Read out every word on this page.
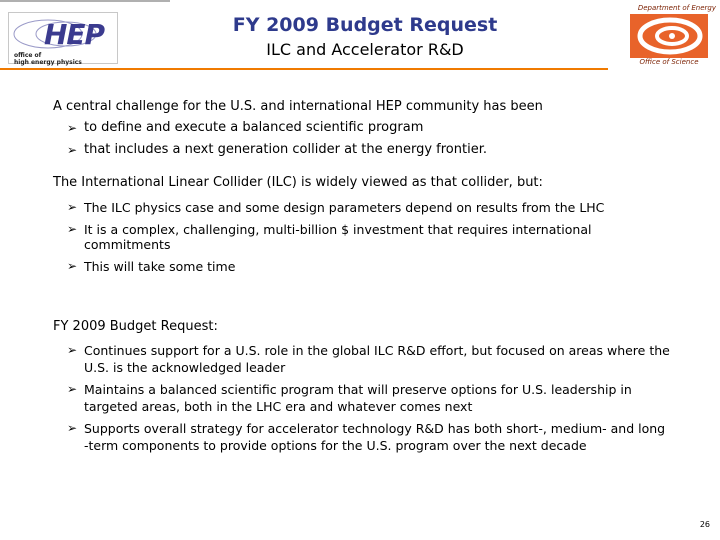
HEP
office of
high energy physics
FY 2009 Budget Request
ILC and Accelerator R&D
Department of Energy
Office of Science

A central challenge for the U.S. and international HEP community has been

➢ to define and execute a balanced scientific program
➢ that includes a next generation collider at the energy frontier.

The International Linear Collider (ILC) is widely viewed as that collider, but:

➢ The ILC physics case and some design parameters depend on results from the LHC
➢ It is a complex, challenging, multi-billion $ investment that requires international commitments
➢ This will take some time

FY 2009 Budget Request:

➢ Continues support for a U.S. role in the global ILC R&D effort, but focused on areas where the U.S. is the acknowledged leader
➢ Maintains a balanced scientific program that will preserve options for U.S. leadership in targeted areas, both in the LHC era and whatever comes next
➢ Supports overall strategy for accelerator technology R&D has both short-, medium- and long -term components to provide options for the U.S. program over the next decade
26
